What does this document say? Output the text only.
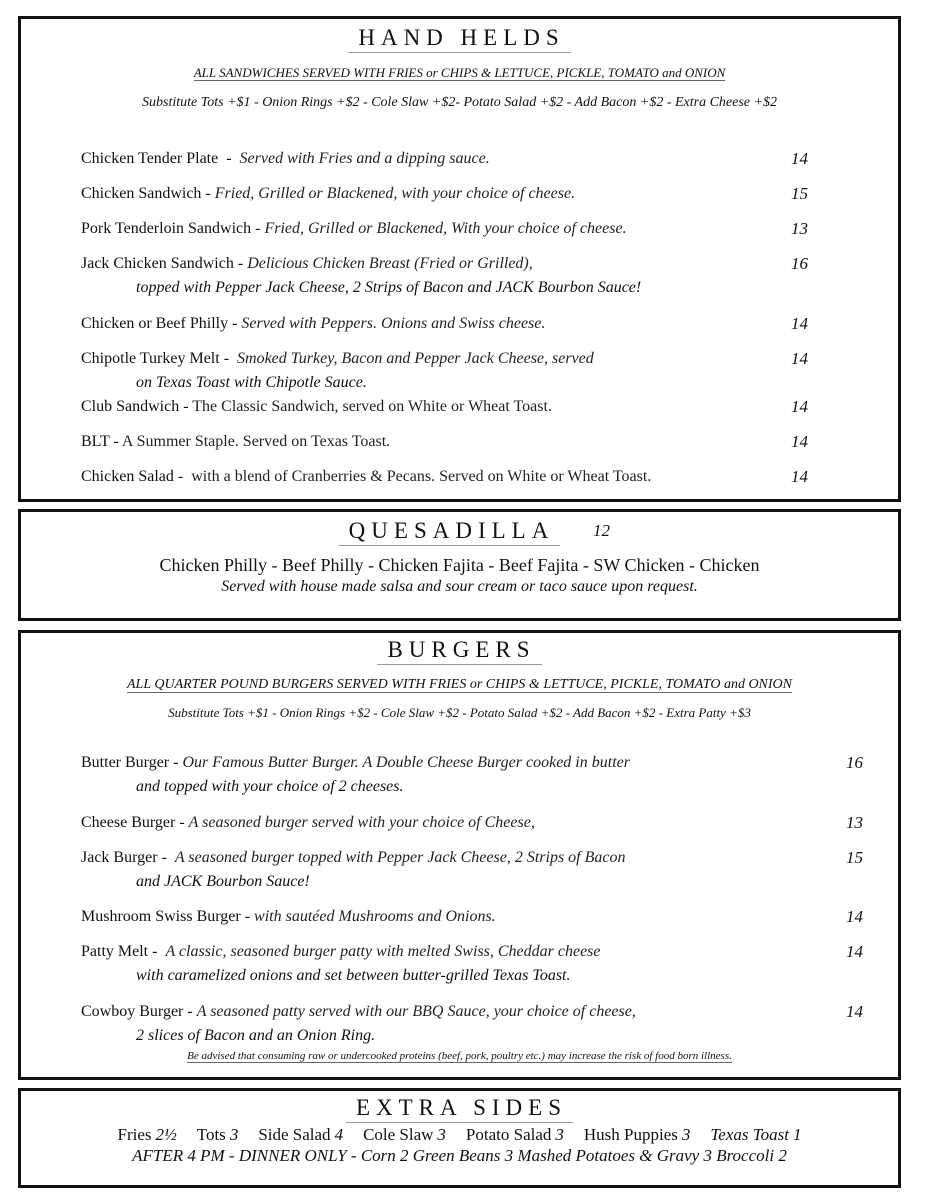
HAND HELDS
ALL SANDWICHES SERVED WITH FRIES or CHIPS & LETTUCE, PICKLE, TOMATO and ONION
Substitute Tots +$1 - Onion Rings +$2 - Cole Slaw +$2- Potato Salad +$2 - Add Bacon +$2 - Extra Cheese +$2
Chicken Tender Plate  -  Served with Fries and a dipping sauce.	14
Chicken Sandwich - Fried, Grilled or Blackened, with your choice of cheese.	15
Pork Tenderloin Sandwich - Fried, Grilled or Blackened, With your choice of cheese.	13
Jack Chicken Sandwich - Delicious Chicken Breast (Fried or Grilled),
topped with Pepper Jack Cheese, 2 Strips of Bacon and JACK Bourbon Sauce!
16
Chicken or Beef Philly - Served with Peppers. Onions and Swiss cheese.	14
Chipotle Turkey Melt -  Smoked Turkey, Bacon and Pepper Jack Cheese, served
on Texas Toast with Chipotle Sauce.
14
Club Sandwich - The Classic Sandwich, served on White or Wheat Toast.	14
BLT - A Summer Staple. Served on Texas Toast.	14
Chicken Salad -  with a blend of Cranberries & Pecans. Served on White or Wheat Toast.	14
QUESADILLA 12
Chicken Philly - Beef Philly - Chicken Fajita - Beef Fajita - SW Chicken - Chicken
Served with house made salsa and sour cream or taco sauce upon request.
BURGERS
ALL QUARTER POUND BURGERS SERVED WITH FRIES or CHIPS & LETTUCE, PICKLE, TOMATO and ONION
Substitute Tots +$1 - Onion Rings +$2 - Cole Slaw +$2 - Potato Salad +$2 - Add Bacon +$2 - Extra Patty +$3
Butter Burger - Our Famous Butter Burger. A Double Cheese Burger cooked in butter
and topped with your choice of 2 cheeses.
16
Cheese Burger - A seasoned burger served with your choice of Cheese,	13
Jack Burger -  A seasoned burger topped with Pepper Jack Cheese, 2 Strips of Bacon
and JACK Bourbon Sauce!
15
Mushroom Swiss Burger - with sautéed Mushrooms and Onions.	14
Patty Melt -  A classic, seasoned burger patty with melted Swiss, Cheddar cheese
with caramelized onions and set between butter-grilled Texas Toast.
14
Cowboy Burger - A seasoned patty served with our BBQ Sauce, your choice of cheese,
2 slices of Bacon and an Onion Ring.
14
Be advised that consuming raw or undercooked proteins (beef, pork, poultry etc.) may increase the risk of food born illness.
EXTRA SIDES
Fries 2½ Tots 3 Side Salad 4 Cole Slaw 3 Potato Salad 3 Hush Puppies 3 Texas Toast 1
AFTER 4 PM - DINNER ONLY - Corn 2 Green Beans 3 Mashed Potatoes & Gravy 3 Broccoli 2
